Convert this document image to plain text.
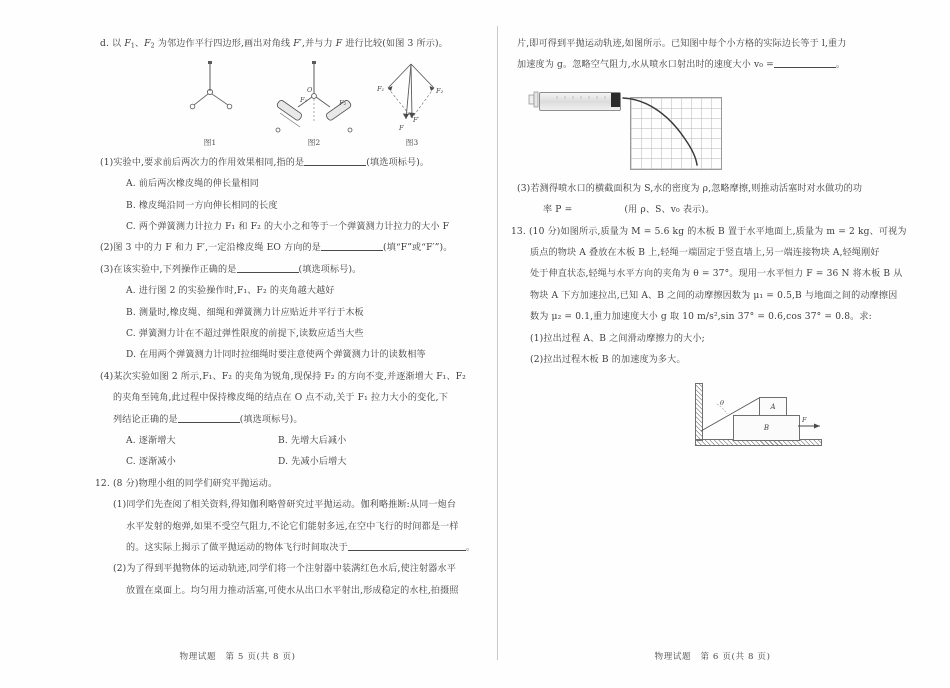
d. 以 $F_1$、$F_2$ 为邻边作平行四边形,画出对角线 F′,并与力 F 进行比较(如图 3 所示)。
图1
F₁	F₂
O
图2
F₁	F₂
F
F′
图3
(1)实验中,要求前后两次力的作用效果相同,指的是	(填选项标号)。
A. 前后两次橡皮绳的伸长量相同
B. 橡皮绳沿同一方向伸长相同的长度
C. 两个弹簧测力计拉力 F₁ 和 F₂ 的大小之和等于一个弹簧测力计拉力的大小 F
(2)图 3 中的力 F 和力 F′,一定沿橡皮绳 EO 方向的是	(填“F”或“F′”)。
(3)在该实验中,下列操作正确的是	(填选项标号)。
A. 进行图 2 的实验操作时,F₁、F₂ 的夹角越大越好
B. 测量时,橡皮绳、细绳和弹簧测力计应贴近并平行于木板
C. 弹簧测力计在不超过弹性限度的前提下,读数应适当大些
D. 在用两个弹簧测力计同时拉细绳时要注意使两个弹簧测力计的读数相等
(4)某次实验如图 2 所示,F₁、F₂ 的夹角为锐角,现保持 F₂ 的方向不变,并逐渐增大 F₁、F₂
的夹角至钝角,此过程中保持橡皮绳的结点在 O 点不动,关于 F₁ 拉力大小的变化,下
列结论正确的是	(填选项标号)。
A. 逐渐增大	B. 先增大后减小
C. 逐渐减小	D. 先减小后增大
12. (8 分)物理小组的同学们研究平抛运动。
(1)同学们先查阅了相关资料,得知伽利略曾研究过平抛运动。伽利略推断:从同一炮台
水平发射的炮弹,如果不受空气阻力,不论它们能射多远,在空中飞行的时间都是一样
的。这实际上揭示了做平抛运动的物体飞行时间取决于	。
(2)为了得到平抛物体的运动轨迹,同学们将一个注射器中装满红色水后,使注射器水平
放置在桌面上。均匀用力推动活塞,可使水从出口水平射出,形成稳定的水柱,拍摄照
物理试题　第 5 页(共 8 页)
片,即可得到平抛运动轨迹,如图所示。已知图中每个小方格的实际边长等于 l,重力
加速度为 g。忽略空气阻力,水从喷水口射出时的速度大小 v₀ =	。
(3)若测得喷水口的横截面积为 S,水的密度为 ρ,忽略摩擦,则推动活塞时对水做功的功
率 P =	(用 ρ、S、v₀ 表示)。
13. (10 分)如图所示,质量为 M = 5.6 kg 的木板 B 置于水平地面上,质量为 m = 2 kg、可视为
质点的物块 A 叠放在木板 B 上,轻绳一端固定于竖直墙上,另一端连接物块 A,轻绳刚好
处于伸直状态,轻绳与水平方向的夹角为 θ = 37°。现用一水平恒力 F = 36 N 将木板 B 从
物块 A 下方加速拉出,已知 A、B 之间的动摩擦因数为 μ₁ = 0.5,B 与地面之间的动摩擦因
数为 μ₂ = 0.1,重力加速度大小 g 取 10 m/s²,sin 37° = 0.6,cos 37° = 0.8。求:
(1)拉出过程 A、B 之间滑动摩擦力的大小;
(2)拉出过程木板 B 的加速度为多大。
A
B
θ
F
物理试题　第 6 页(共 8 页)
